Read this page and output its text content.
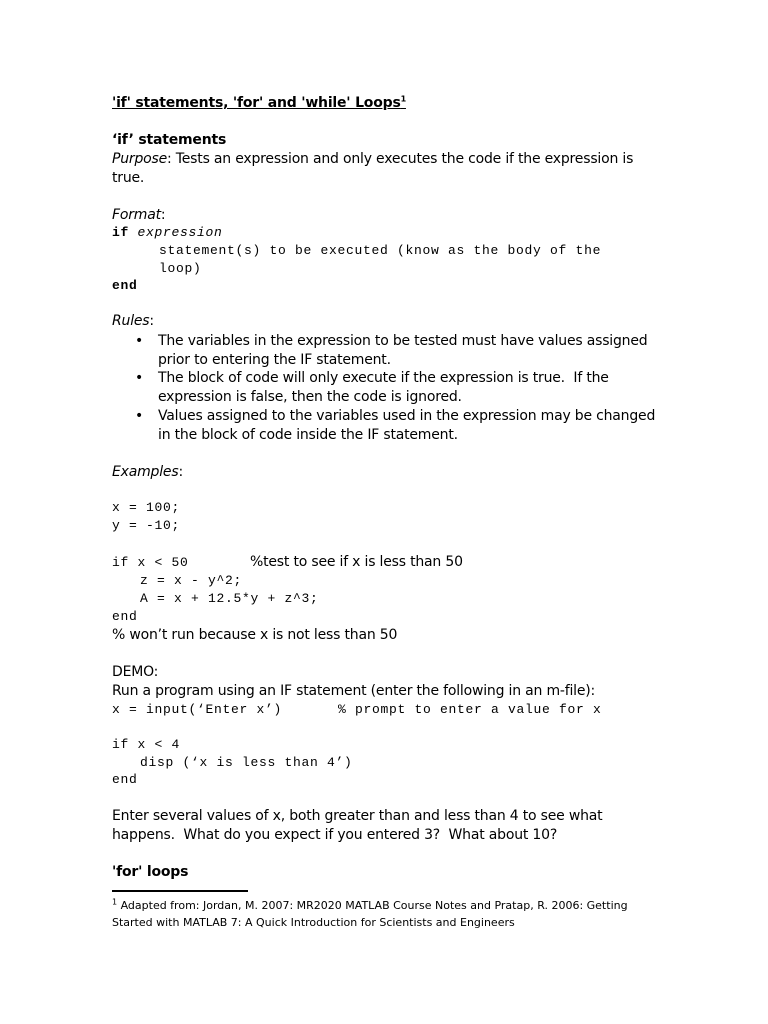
'if' statements, 'for' and 'while' Loops$^1$
‘if’ statements
Purpose: Tests an expression and only executes the code if the expression is
true.
Format:
if expression
statement(s) to be executed (know as the body of the
loop)
end
Rules:
• The variables in the expression to be tested must have values assigned
prior to entering the IF statement.
• The block of code will only execute if the expression is true.  If the
expression is false, then the code is ignored.
• Values assigned to the variables used in the expression may be changed
in the block of code inside the IF statement.
Examples:
x = 100;
y = -10;
if x < 50	%test to see if x is less than 50
z = x - y^2;
A = x + 12.5*y + z^3;
end
% won’t run because x is not less than 50
DEMO:
Run a program using an IF statement (enter the following in an m-file):
x = input(‘Enter x’)	% prompt to enter a value for x
if x < 4
disp (‘x is less than 4’)
end
Enter several values of x, both greater than and less than 4 to see what
happens.  What do you expect if you entered 3?  What about 10?
'for' loops
$^1$ Adapted from: Jordan, M. 2007: MR2020 MATLAB Course Notes and Pratap, R. 2006: Getting
Started with MATLAB 7: A Quick Introduction for Scientists and Engineers
